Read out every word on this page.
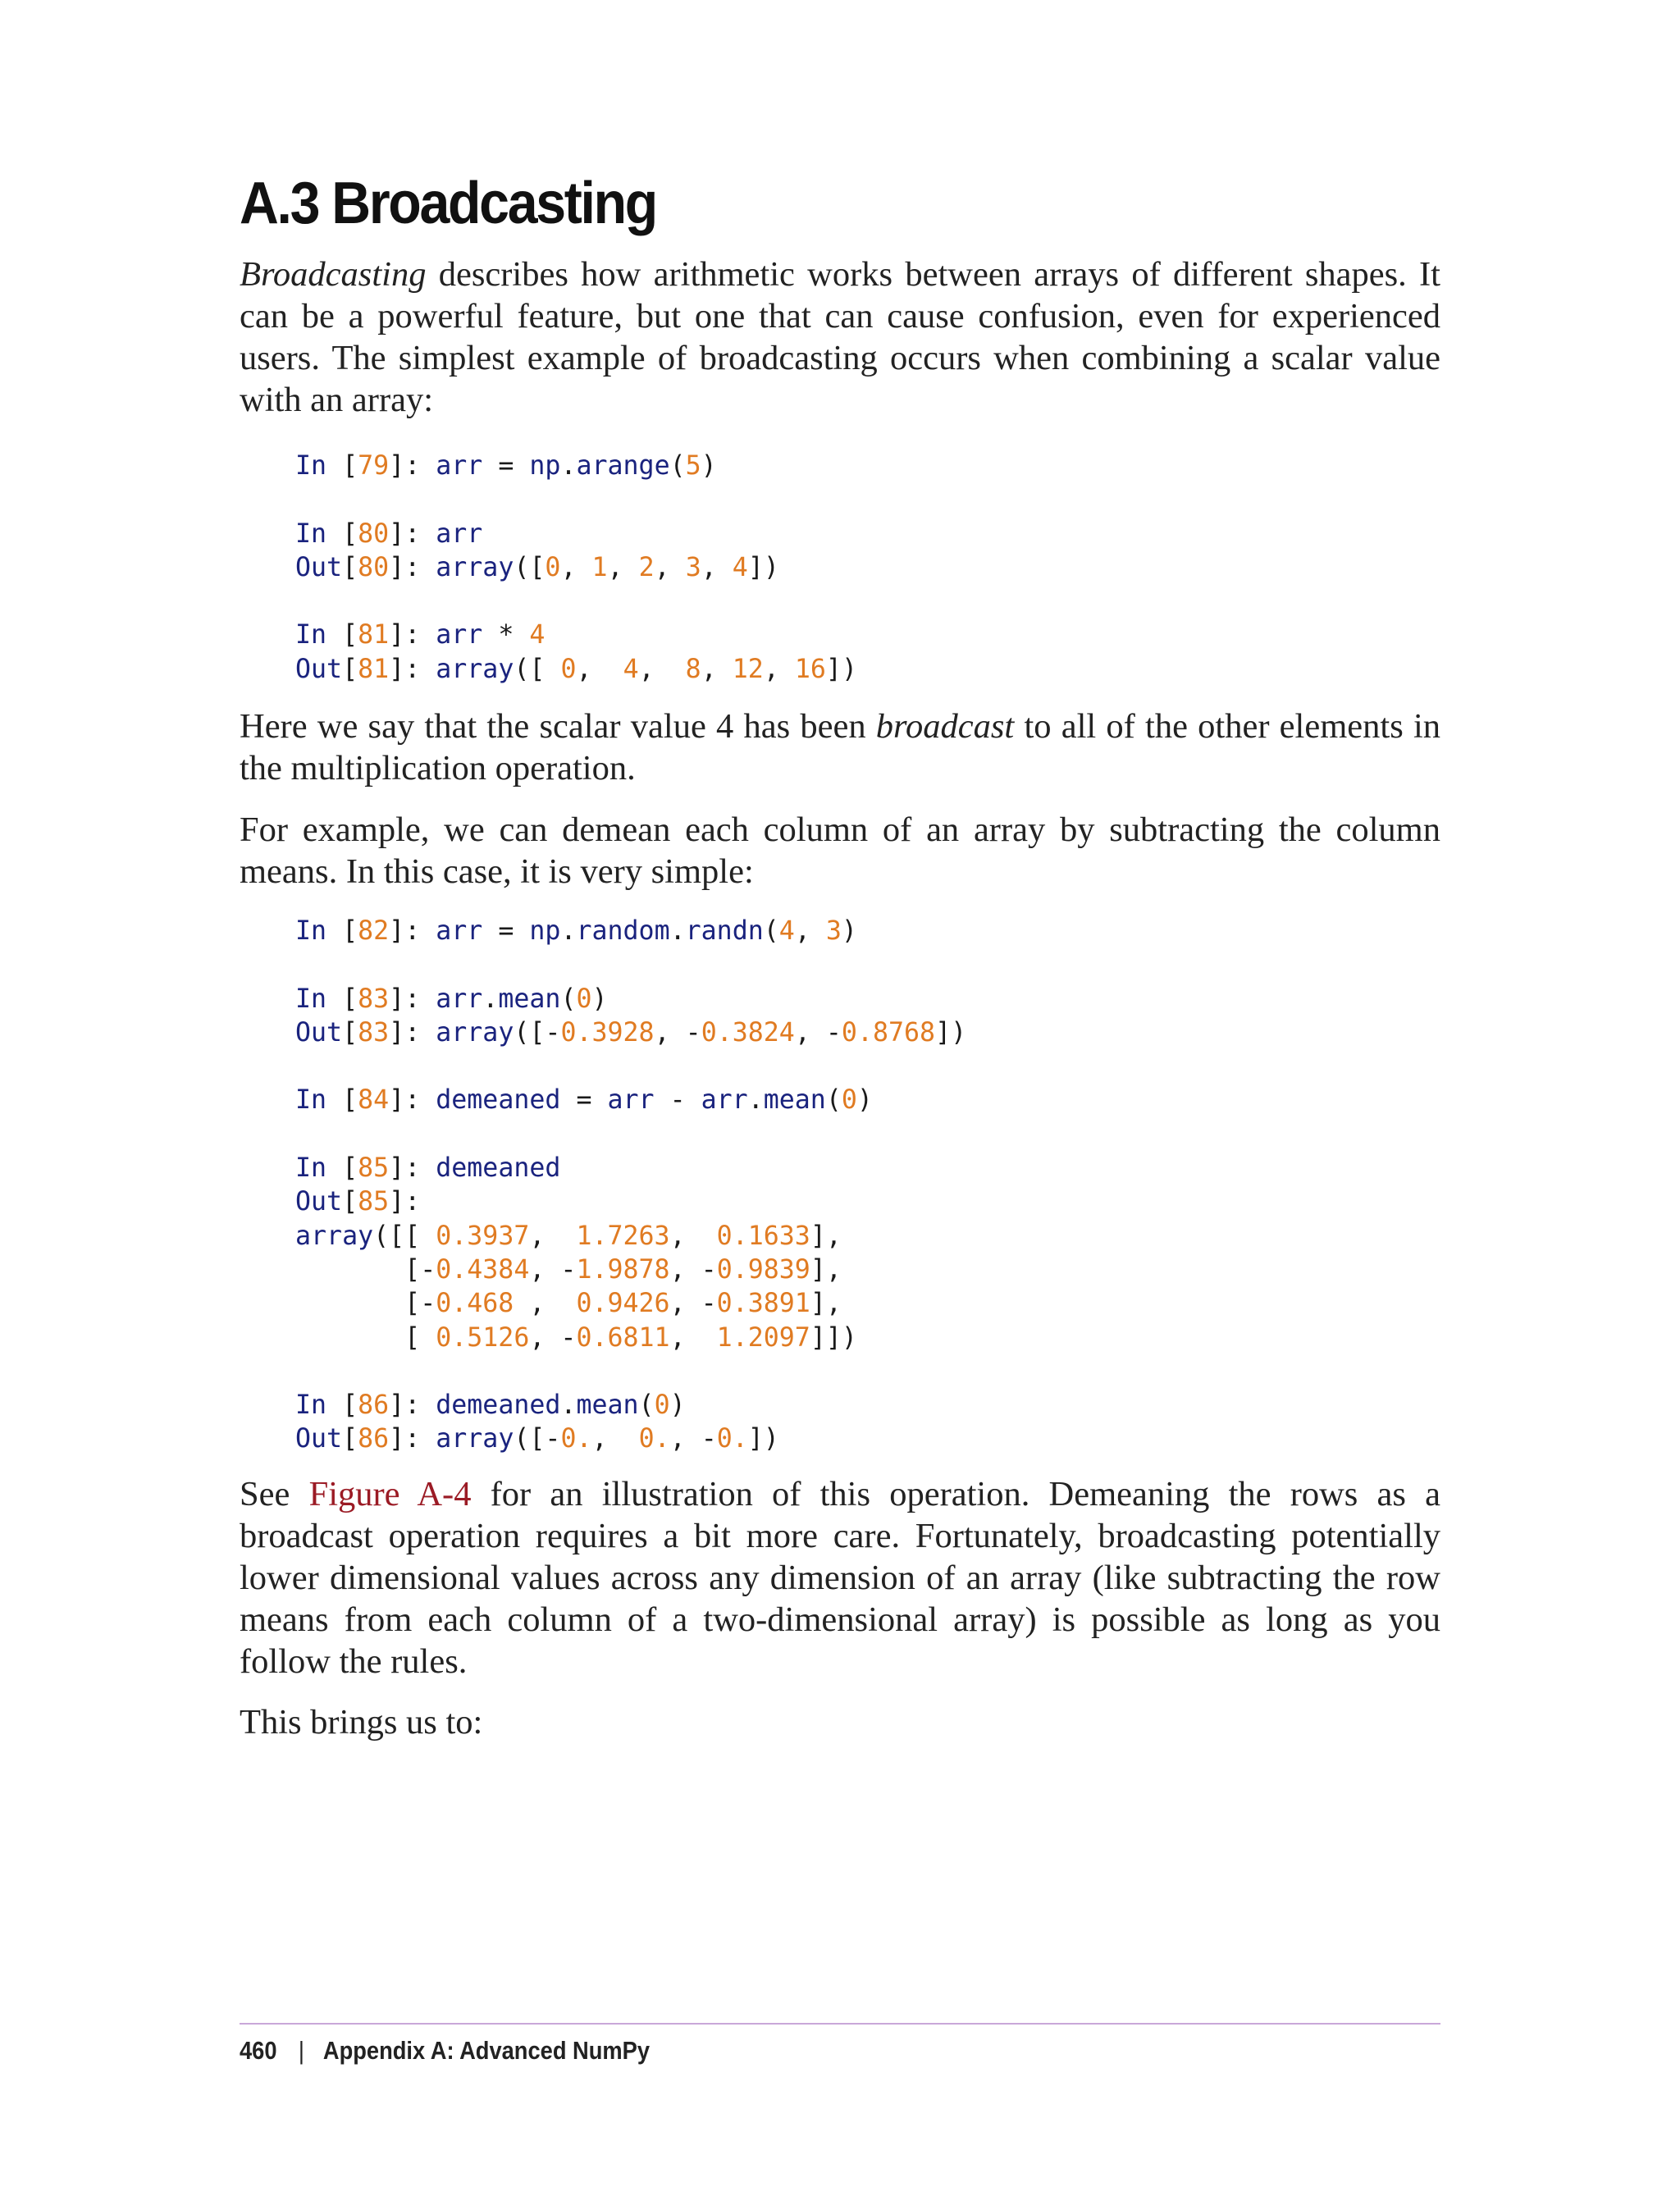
A.3 Broadcasting

Broadcasting describes how arithmetic works between arrays of different shapes. It can be a powerful feature, but one that can cause confusion, even for experienced users. The simplest example of broadcasting occurs when combining a scalar value with an array:

In [79]: arr = np.arange(5)

In [80]: arr
Out[80]: array([0, 1, 2, 3, 4])

In [81]: arr * 4
Out[81]: array([ 0, 4, 8, 12, 16])

Here we say that the scalar value 4 has been broadcast to all of the other elements in the multiplication operation.

For example, we can demean each column of an array by subtracting the column means. In this case, it is very simple:

In [82]: arr = np.random.randn(4, 3)

In [83]: arr.mean(0)
Out[83]: array([-0.3928, -0.3824, -0.8768])

In [84]: demeaned = arr - arr.mean(0)

In [85]: demeaned
Out[85]:
array([[ 0.3937, 1.7263, 0.1633],
[-0.4384, -1.9878, -0.9839],
[-0.468 , 0.9426, -0.3891],
[ 0.5126, -0.6811, 1.2097]])

In [86]: demeaned.mean(0)
Out[86]: array([-0., 0., -0.])

See Figure A-4 for an illustration of this operation. Demeaning the rows as a broadcast operation requires a bit more care. Fortunately, broadcasting potentially lower dimensional values across any dimension of an array (like subtracting the row means from each column of a two-dimensional array) is possible as long as you follow the rules.

This brings us to:

460 | Appendix A: Advanced NumPy
